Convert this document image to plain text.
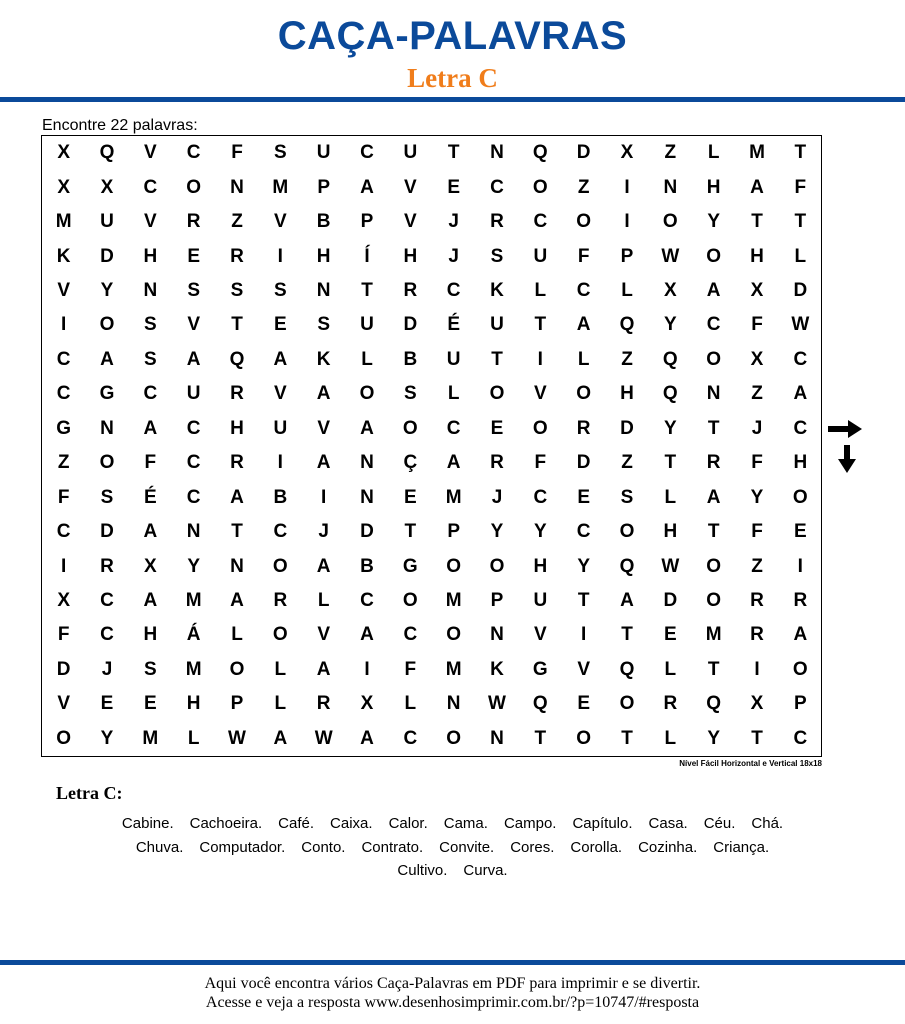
CAÇA-PALAVRAS
Letra C
Encontre 22 palavras:
X	Q	V	C	F	S	U	C	U	T	N	Q	D	X	Z	L	M	T
X	X	C	O	N	M	P	A	V	E	C	O	Z	I	N	H	A	F
M	U	V	R	Z	V	B	P	V	J	R	C	O	I	O	Y	T	T
K	D	H	E	R	I	H	Í	H	J	S	U	F	P	W	O	H	L
V	Y	N	S	S	S	N	T	R	C	K	L	C	L	X	A	X	D
I	O	S	V	T	E	S	U	D	É	U	T	A	Q	Y	C	F	W
C	A	S	A	Q	A	K	L	B	U	T	I	L	Z	Q	O	X	C
C	G	C	U	R	V	A	O	S	L	O	V	O	H	Q	N	Z	A
G	N	A	C	H	U	V	A	O	C	E	O	R	D	Y	T	J	C
Z	O	F	C	R	I	A	N	Ç	A	R	F	D	Z	T	R	F	H
F	S	É	C	A	B	I	N	E	M	J	C	E	S	L	A	Y	O
C	D	A	N	T	C	J	D	T	P	Y	Y	C	O	H	T	F	E
I	R	X	Y	N	O	A	B	G	O	O	H	Y	Q	W	O	Z	I
X	C	A	M	A	R	L	C	O	M	P	U	T	A	D	O	R	R
F	C	H	Á	L	O	V	A	C	O	N	V	I	T	E	M	R	A
D	J	S	M	O	L	A	I	F	M	K	G	V	Q	L	T	I	O
V	E	E	H	P	L	R	X	L	N	W	Q	E	O	R	Q	X	P
O	Y	M	L	W	A	W	A	C	O	N	T	O	T	L	Y	T	C
Nível Fácil Horizontal e Vertical 18x18
Letra C:
Cabine. Cachoeira. Café. Caixa. Calor. Cama. Campo. Capítulo. Casa. Céu. Chá.
Chuva. Computador. Conto. Contrato. Convite. Cores. Corolla. Cozinha. Criança.
Cultivo. Curva.
Aqui você encontra vários Caça-Palavras em PDF para imprimir e se divertir.
Acesse e veja a resposta www.desenhosimprimir.com.br/?p=10747/#resposta
